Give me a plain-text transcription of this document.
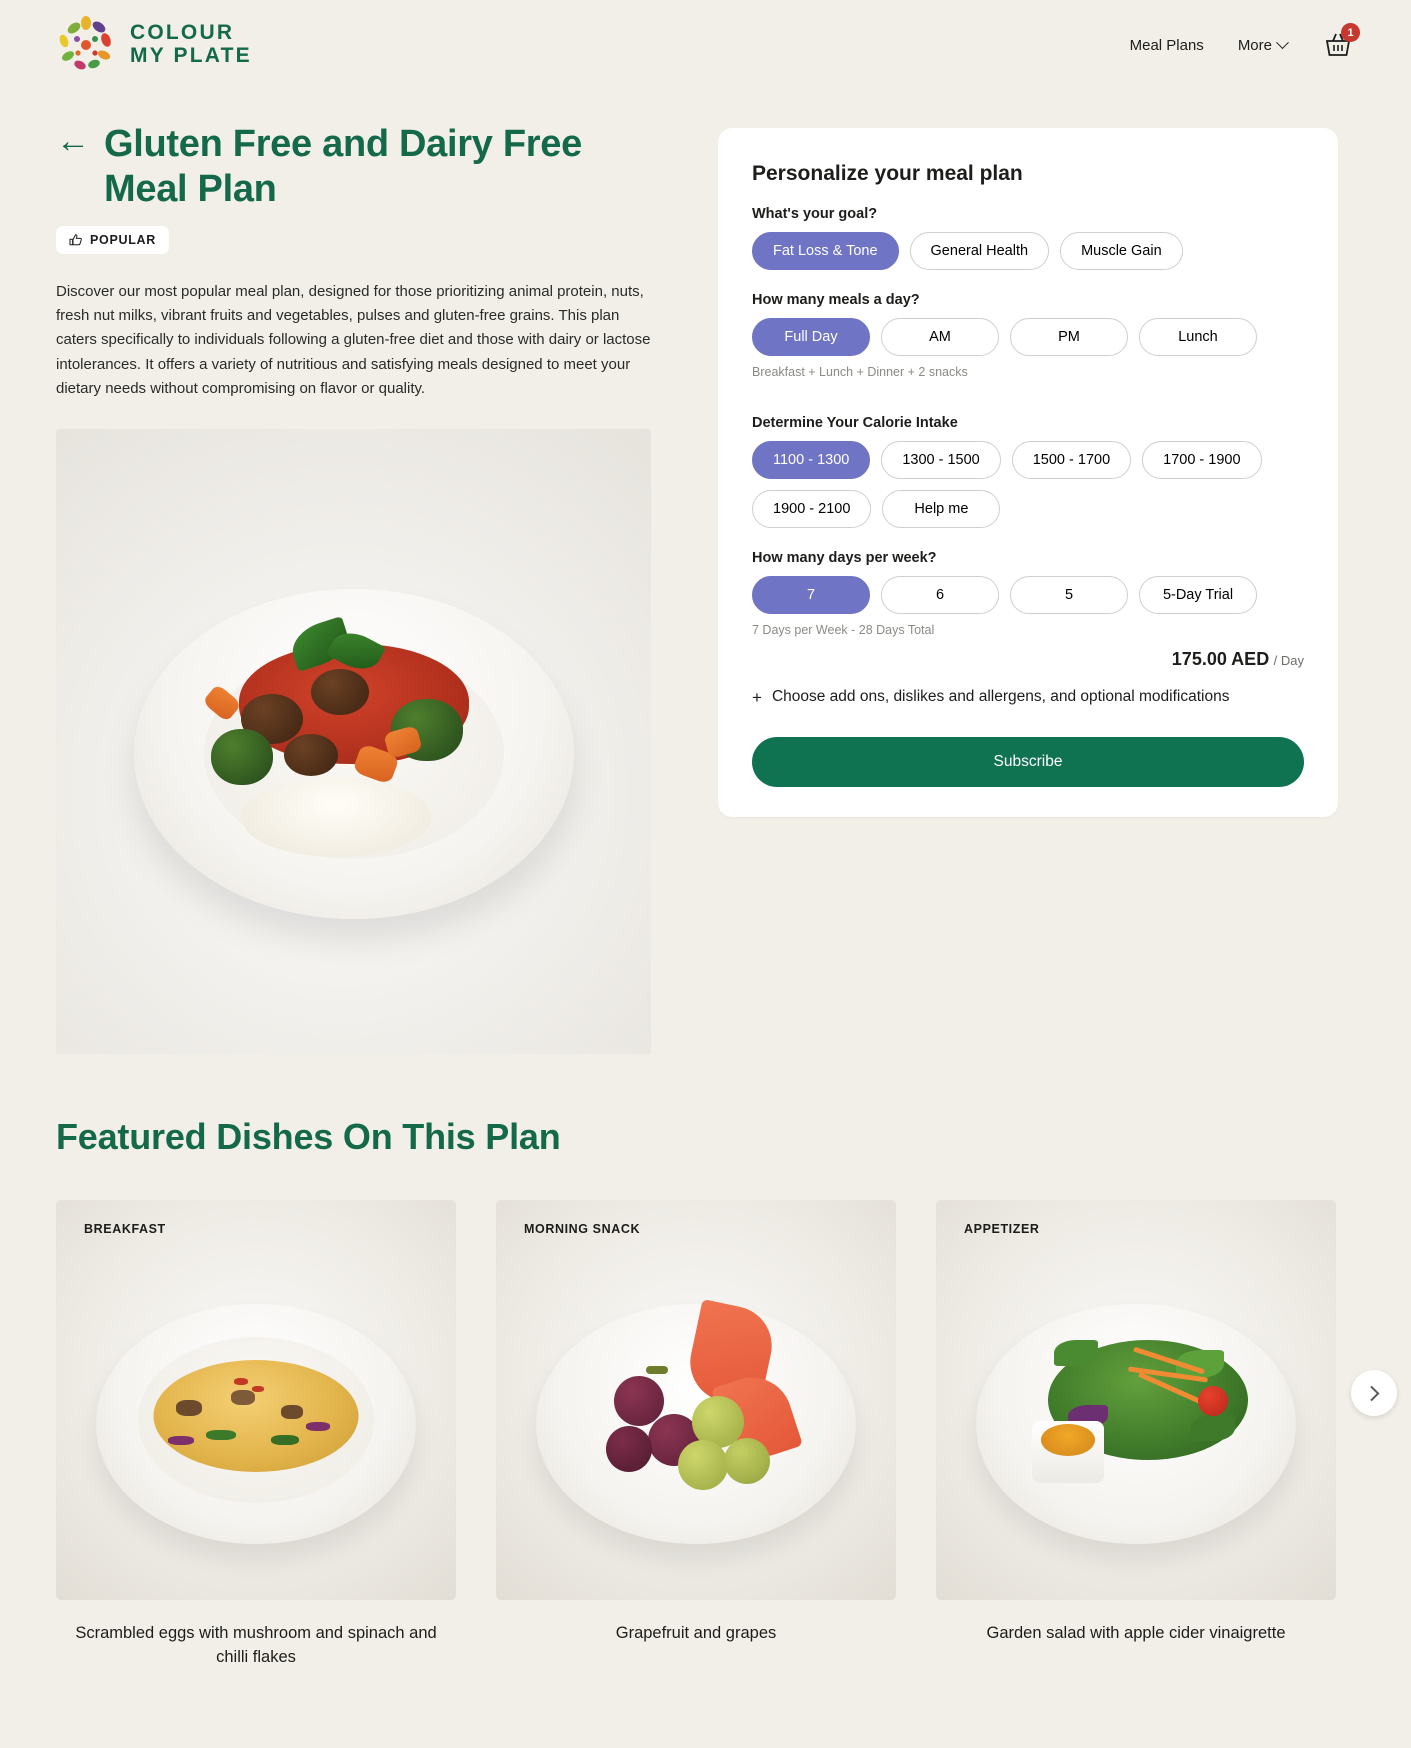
COLOUR
MY PLATE	Meal Plans More
1
← Gluten Free and Dairy Free Meal Plan
POPULAR

Discover our most popular meal plan, designed for those prioritizing animal protein, nuts, fresh nut milks, vibrant fruits and vegetables, pulses and gluten-free grains. This plan caters specifically to individuals following a gluten-free diet and those with dairy or lactose intolerances. It offers a variety of nutritious and satisfying meals designed to meet your dietary needs without compromising on flavor or quality.

Personalize your meal plan
What's your goal?
Fat Loss & Tone	General Health	Muscle Gain
How many meals a day?
Full Day	AM	PM	Lunch
Breakfast + Lunch + Dinner + 2 snacks
Determine Your Calorie Intake
1100 - 1300	1300 - 1500	1500 - 1700	1700 - 1900
1900 - 2100	Help me
How many days per week?
7	6	5	5-Day Trial
7 Days per Week - 28 Days Total
175.00 AED / Day
+ Choose add ons, dislikes and allergens, and optional modifications
Subscribe
Featured Dishes On This Plan
BREAKFAST
Scrambled eggs with mushroom and spinach and chilli flakes
MORNING SNACK
Grapefruit and grapes
APPETIZER
Garden salad with apple cider vinaigrette
